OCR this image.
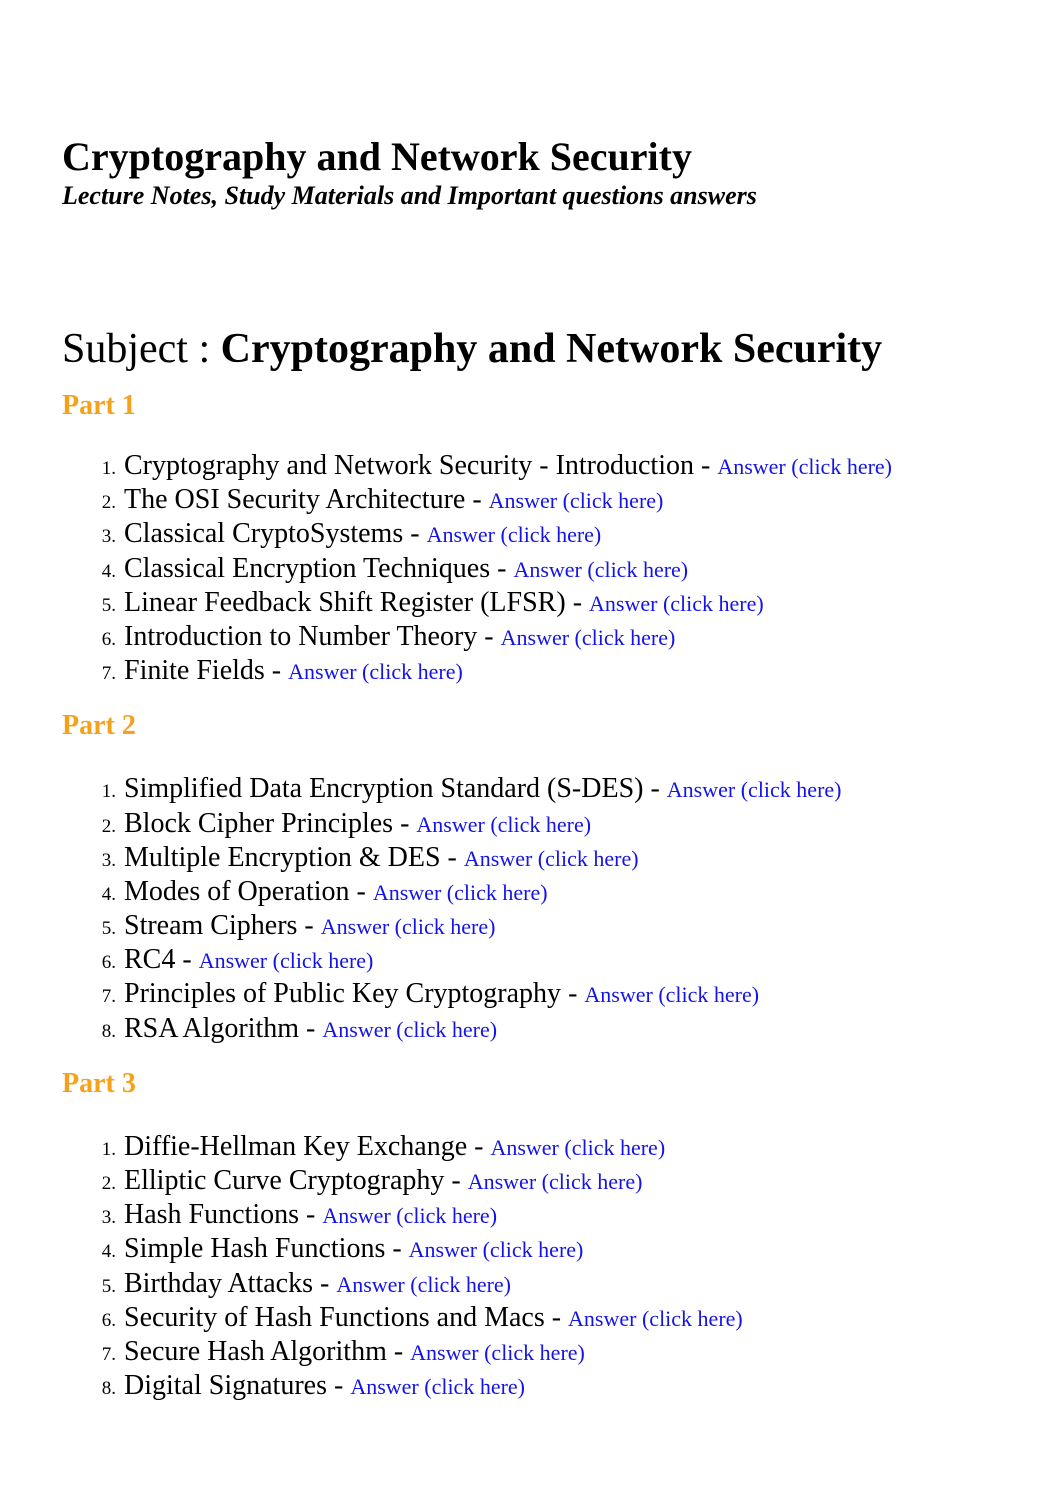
Cryptography and Network Security
Lecture Notes, Study Materials and Important questions answers
Subject : Cryptography and Network Security
Part 1
1. Cryptography and Network Security - Introduction - Answer (click here)
2. The OSI Security Architecture - Answer (click here)
3. Classical CryptoSystems - Answer (click here)
4. Classical Encryption Techniques - Answer (click here)
5. Linear Feedback Shift Register (LFSR) - Answer (click here)
6. Introduction to Number Theory - Answer (click here)
7. Finite Fields - Answer (click here)
Part 2
1. Simplified Data Encryption Standard (S-DES) - Answer (click here)
2. Block Cipher Principles - Answer (click here)
3. Multiple Encryption & DES - Answer (click here)
4. Modes of Operation - Answer (click here)
5. Stream Ciphers - Answer (click here)
6. RC4 - Answer (click here)
7. Principles of Public Key Cryptography - Answer (click here)
8. RSA Algorithm - Answer (click here)
Part 3
1. Diffie-Hellman Key Exchange - Answer (click here)
2. Elliptic Curve Cryptography - Answer (click here)
3. Hash Functions - Answer (click here)
4. Simple Hash Functions - Answer (click here)
5. Birthday Attacks - Answer (click here)
6. Security of Hash Functions and Macs - Answer (click here)
7. Secure Hash Algorithm - Answer (click here)
8. Digital Signatures - Answer (click here)
